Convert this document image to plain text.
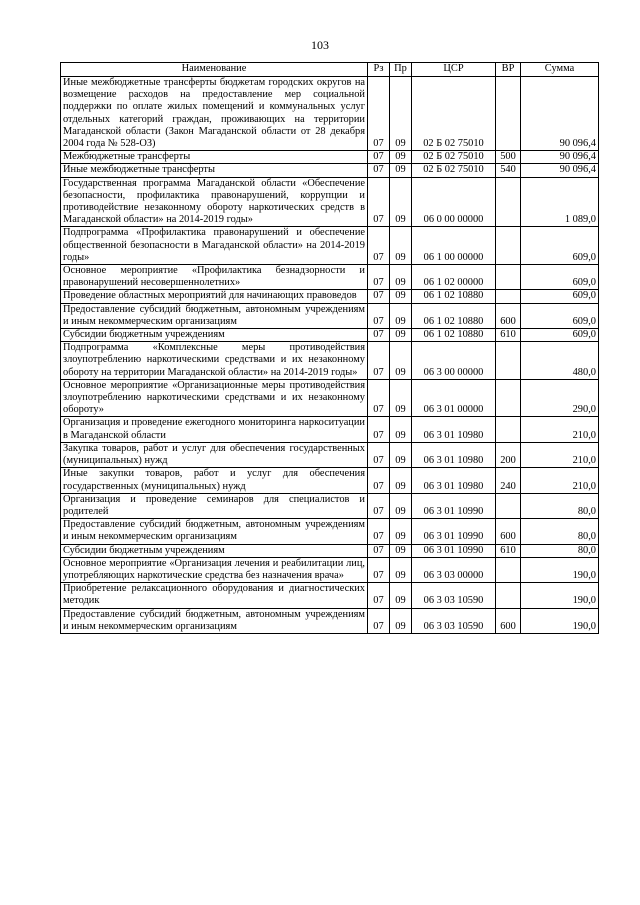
103
Наименование	Рз	Пр	ЦСР	ВР	Сумма
Иные межбюджетные трансферты бюджетам городских округов на возмещение расходов на предоставление мер социальной поддержки по оплате жилых помещений и коммунальных услуг отдельных категорий граждан, проживающих на территории Магаданской области (Закон Магаданской области от 28 декабря 2004 года № 528-ОЗ)	07	09	02 Б 02 75010		90 096,4
Межбюджетные трансферты	07	09	02 Б 02 75010	500	90 096,4
Иные межбюджетные трансферты	07	09	02 Б 02 75010	540	90 096,4
Государственная программа Магаданской области «Обеспечение безопасности, профилактика правонарушений, коррупции и противодействие незаконному обороту наркотических средств в Магаданской области» на 2014-2019 годы»	07	09	06 0 00 00000		1 089,0
Подпрограмма «Профилактика правонарушений и обеспечение общественной безопасности в Магаданской области» на 2014-2019 годы»	07	09	06 1 00 00000		609,0
Основное мероприятие «Профилактика безнадзорности и правонарушений несовершеннолетних»	07	09	06 1 02 00000		609,0
Проведение областных мероприятий для начинающих правоведов	07	09	06 1 02 10880		609,0
Предоставление субсидий бюджетным, автономным учреждениям и иным некоммерческим организациям	07	09	06 1 02 10880	600	609,0
Субсидии бюджетным учреждениям	07	09	06 1 02 10880	610	609,0
Подпрограмма «Комплексные меры противодействия злоупотреблению наркотическими средствами и их незаконному обороту на территории Магаданской области» на 2014-2019 годы»	07	09	06 3 00 00000		480,0
Основное мероприятие «Организационные меры противодействия злоупотреблению наркотическими средствами и их незаконному обороту»	07	09	06 3 01 00000		290,0
Организация и проведение ежегодного мониторинга наркоситуации в Магаданской области	07	09	06 3 01 10980		210,0
Закупка товаров, работ и услуг для обеспечения государственных (муниципальных) нужд	07	09	06 3 01 10980	200	210,0
Иные закупки товаров, работ и услуг для обеспечения государственных (муниципальных) нужд	07	09	06 3 01 10980	240	210,0
Организация и проведение семинаров для специалистов и родителей	07	09	06 3 01 10990		80,0
Предоставление субсидий бюджетным, автономным учреждениям и иным некоммерческим организациям	07	09	06 3 01 10990	600	80,0
Субсидии бюджетным учреждениям	07	09	06 3 01 10990	610	80,0
Основное мероприятие «Организация лечения и реабилитации лиц, употребляющих наркотические средства без назначения врача»	07	09	06 3 03 00000		190,0
Приобретение релаксационного оборудования и диагностических методик	07	09	06 3 03 10590		190,0
Предоставление субсидий бюджетным, автономным учреждениям и иным некоммерческим организациям	07	09	06 3 03 10590	600	190,0
